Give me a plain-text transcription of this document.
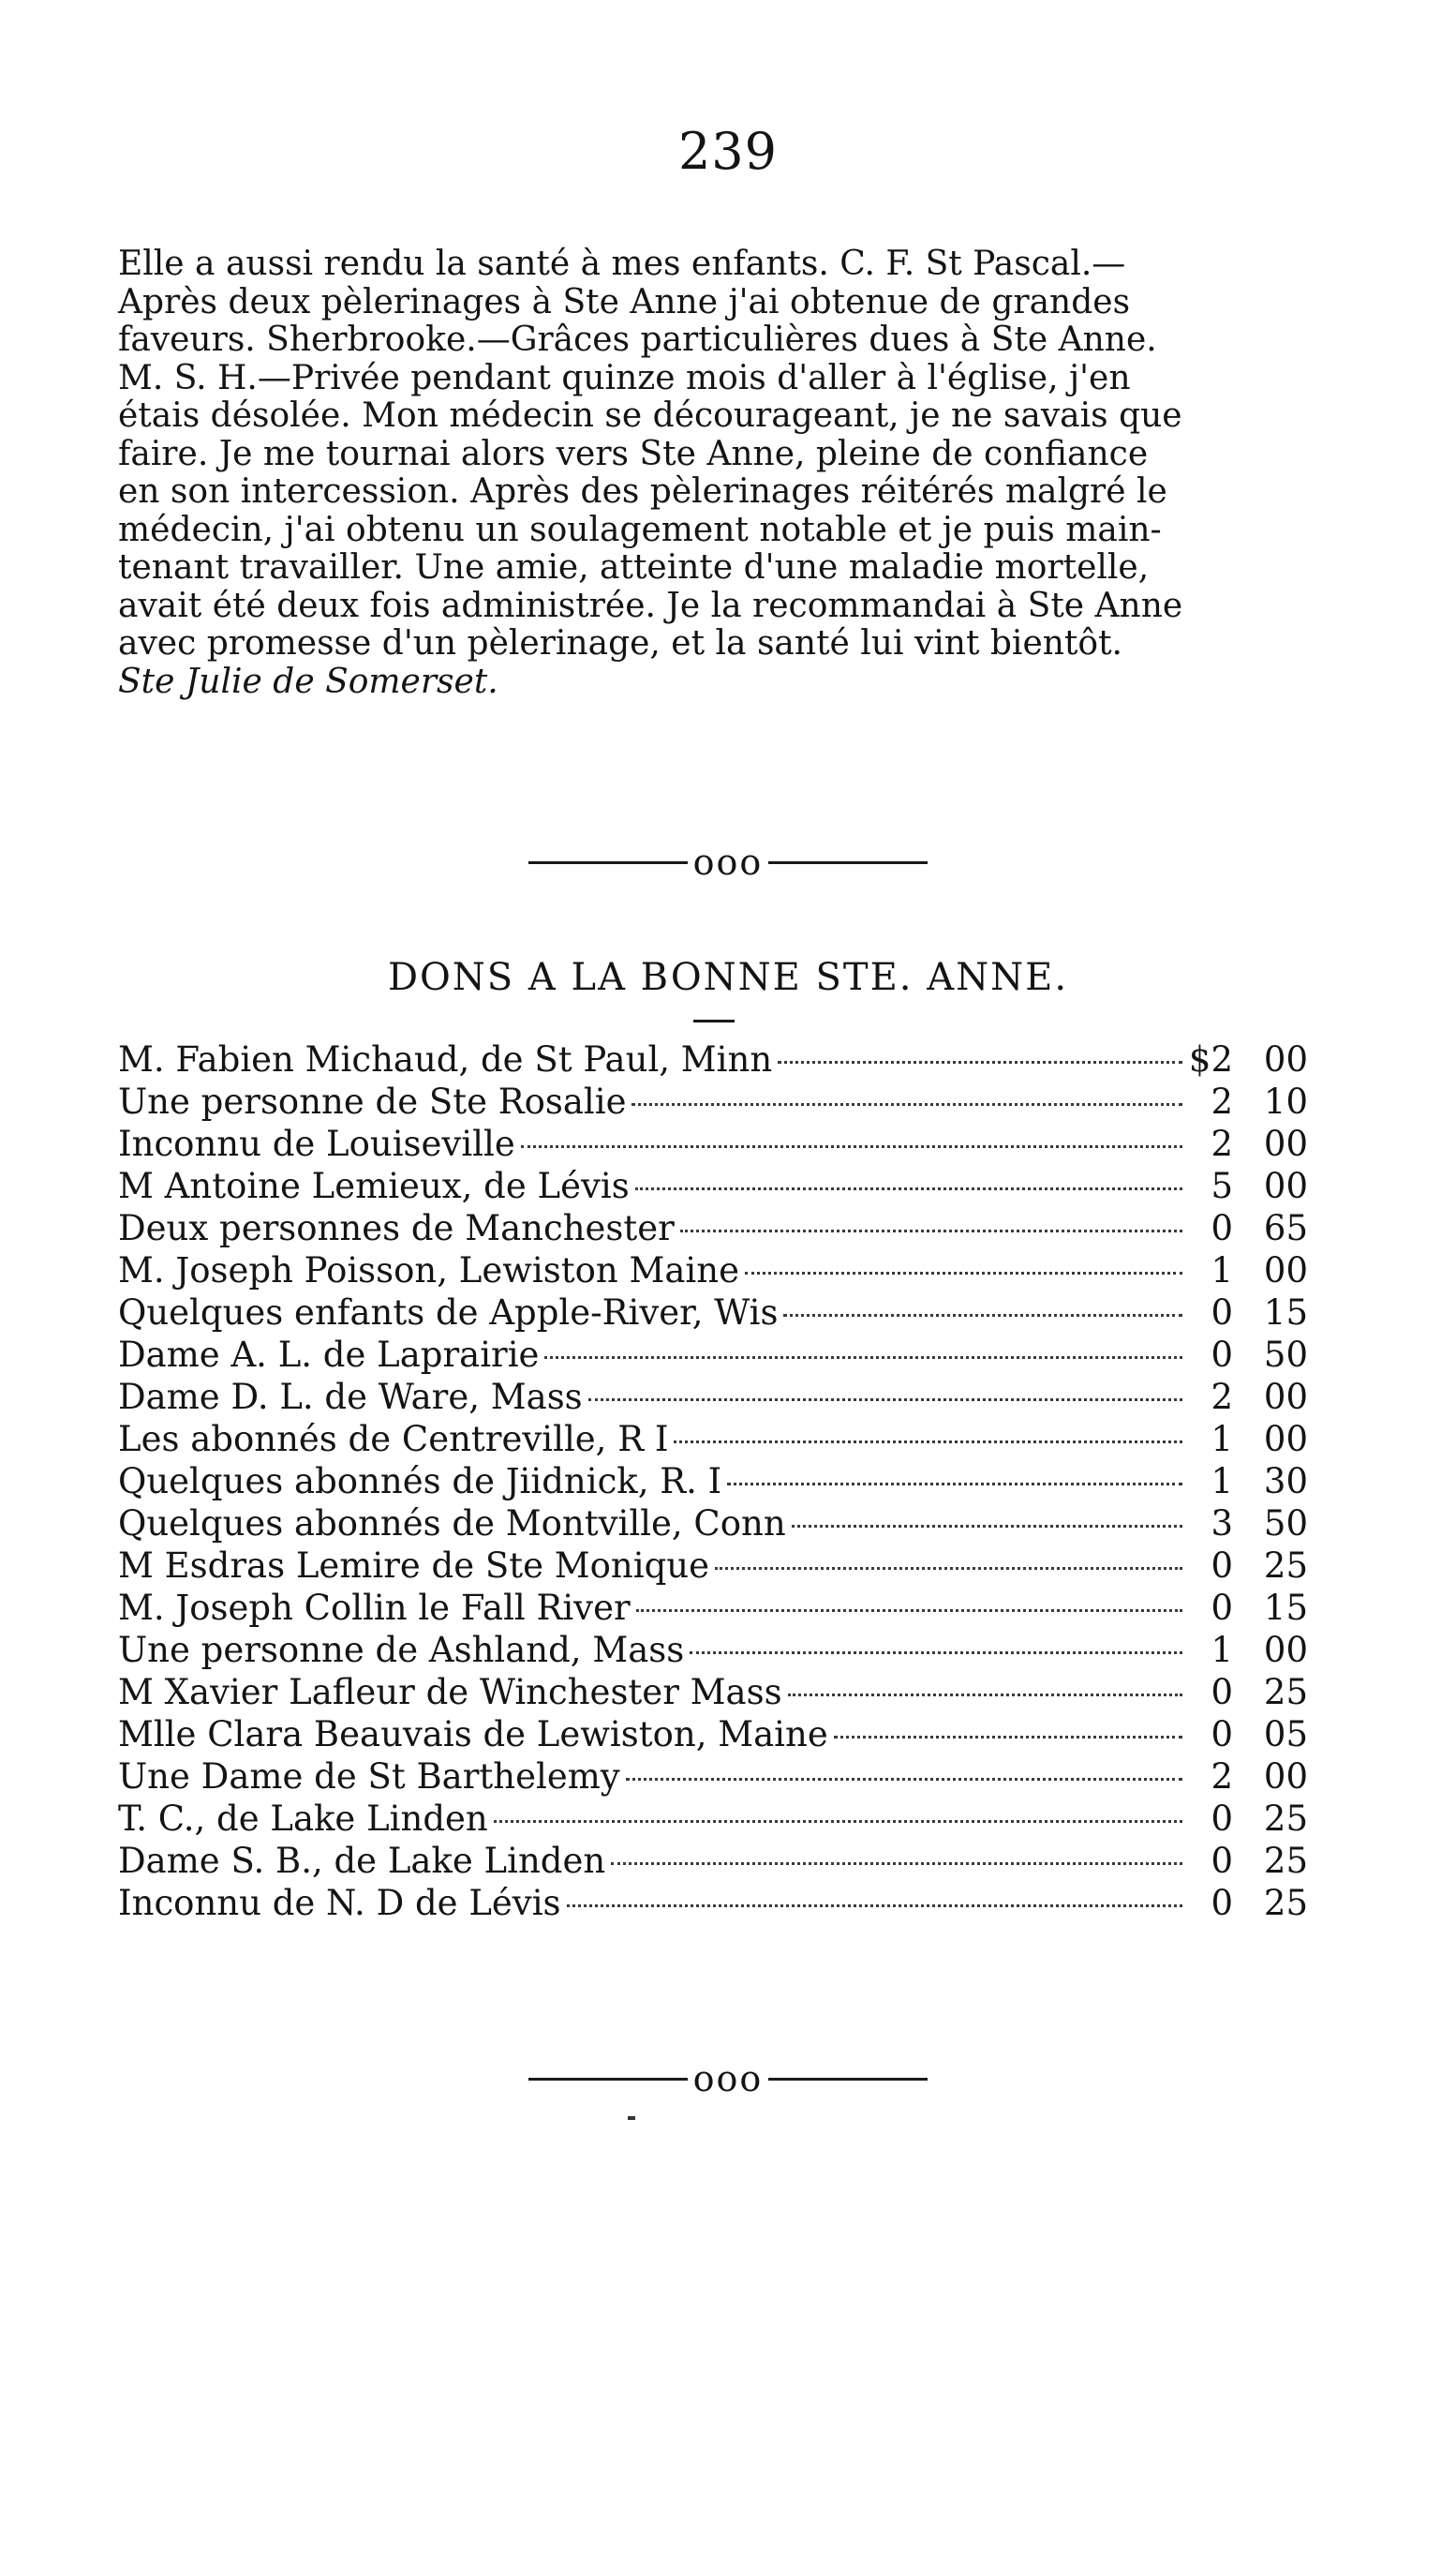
239
Elle a aussi rendu la santé à mes enfants. C. F. St Pascal.—
Après deux pèlerinages à Ste Anne j'ai obtenue de grandes
faveurs. Sherbrooke.—Grâces particulières dues à Ste Anne.
M. S. H.—Privée pendant quinze mois d'aller à l'église, j'en
étais désolée. Mon médecin se décourageant, je ne savais que
faire. Je me tournai alors vers Ste Anne, pleine de confiance
en son intercession. Après des pèlerinages réitérés malgré le
médecin, j'ai obtenu un soulagement notable et je puis main-
tenant travailler. Une amie, atteinte d'une maladie mortelle,
avait été deux fois administrée. Je la recommandai à Ste Anne
avec promesse d'un pèlerinage, et la santé lui vint bientôt.
Ste Julie de Somerset.
ooo
DONS A LA BONNE STE. ANNE.
M. Fabien Michaud, de St Paul, Minn	$2 00
Une personne de Ste Rosalie	2 10
Inconnu de Louiseville	2 00
M Antoine Lemieux, de Lévis	5 00
Deux personnes de Manchester	0 65
M. Joseph Poisson, Lewiston Maine	1 00
Quelques enfants de Apple-River, Wis	0 15
Dame A. L. de Laprairie	0 50
Dame D. L. de Ware, Mass	2 00
Les abonnés de Centreville, R I	1 00
Quelques abonnés de Jiidnick, R. I	1 30
Quelques abonnés de Montville, Conn	3 50
M Esdras Lemire de Ste Monique	0 25
M. Joseph Collin le Fall River	0 15
Une personne de Ashland, Mass	1 00
M Xavier Lafleur de Winchester Mass	0 25
Mlle Clara Beauvais de Lewiston, Maine	0 05
Une Dame de St Barthelemy	2 00
T. C., de Lake Linden	0 25
Dame S. B., de Lake Linden	0 25
Inconnu de N. D de Lévis	0 25
ooo
